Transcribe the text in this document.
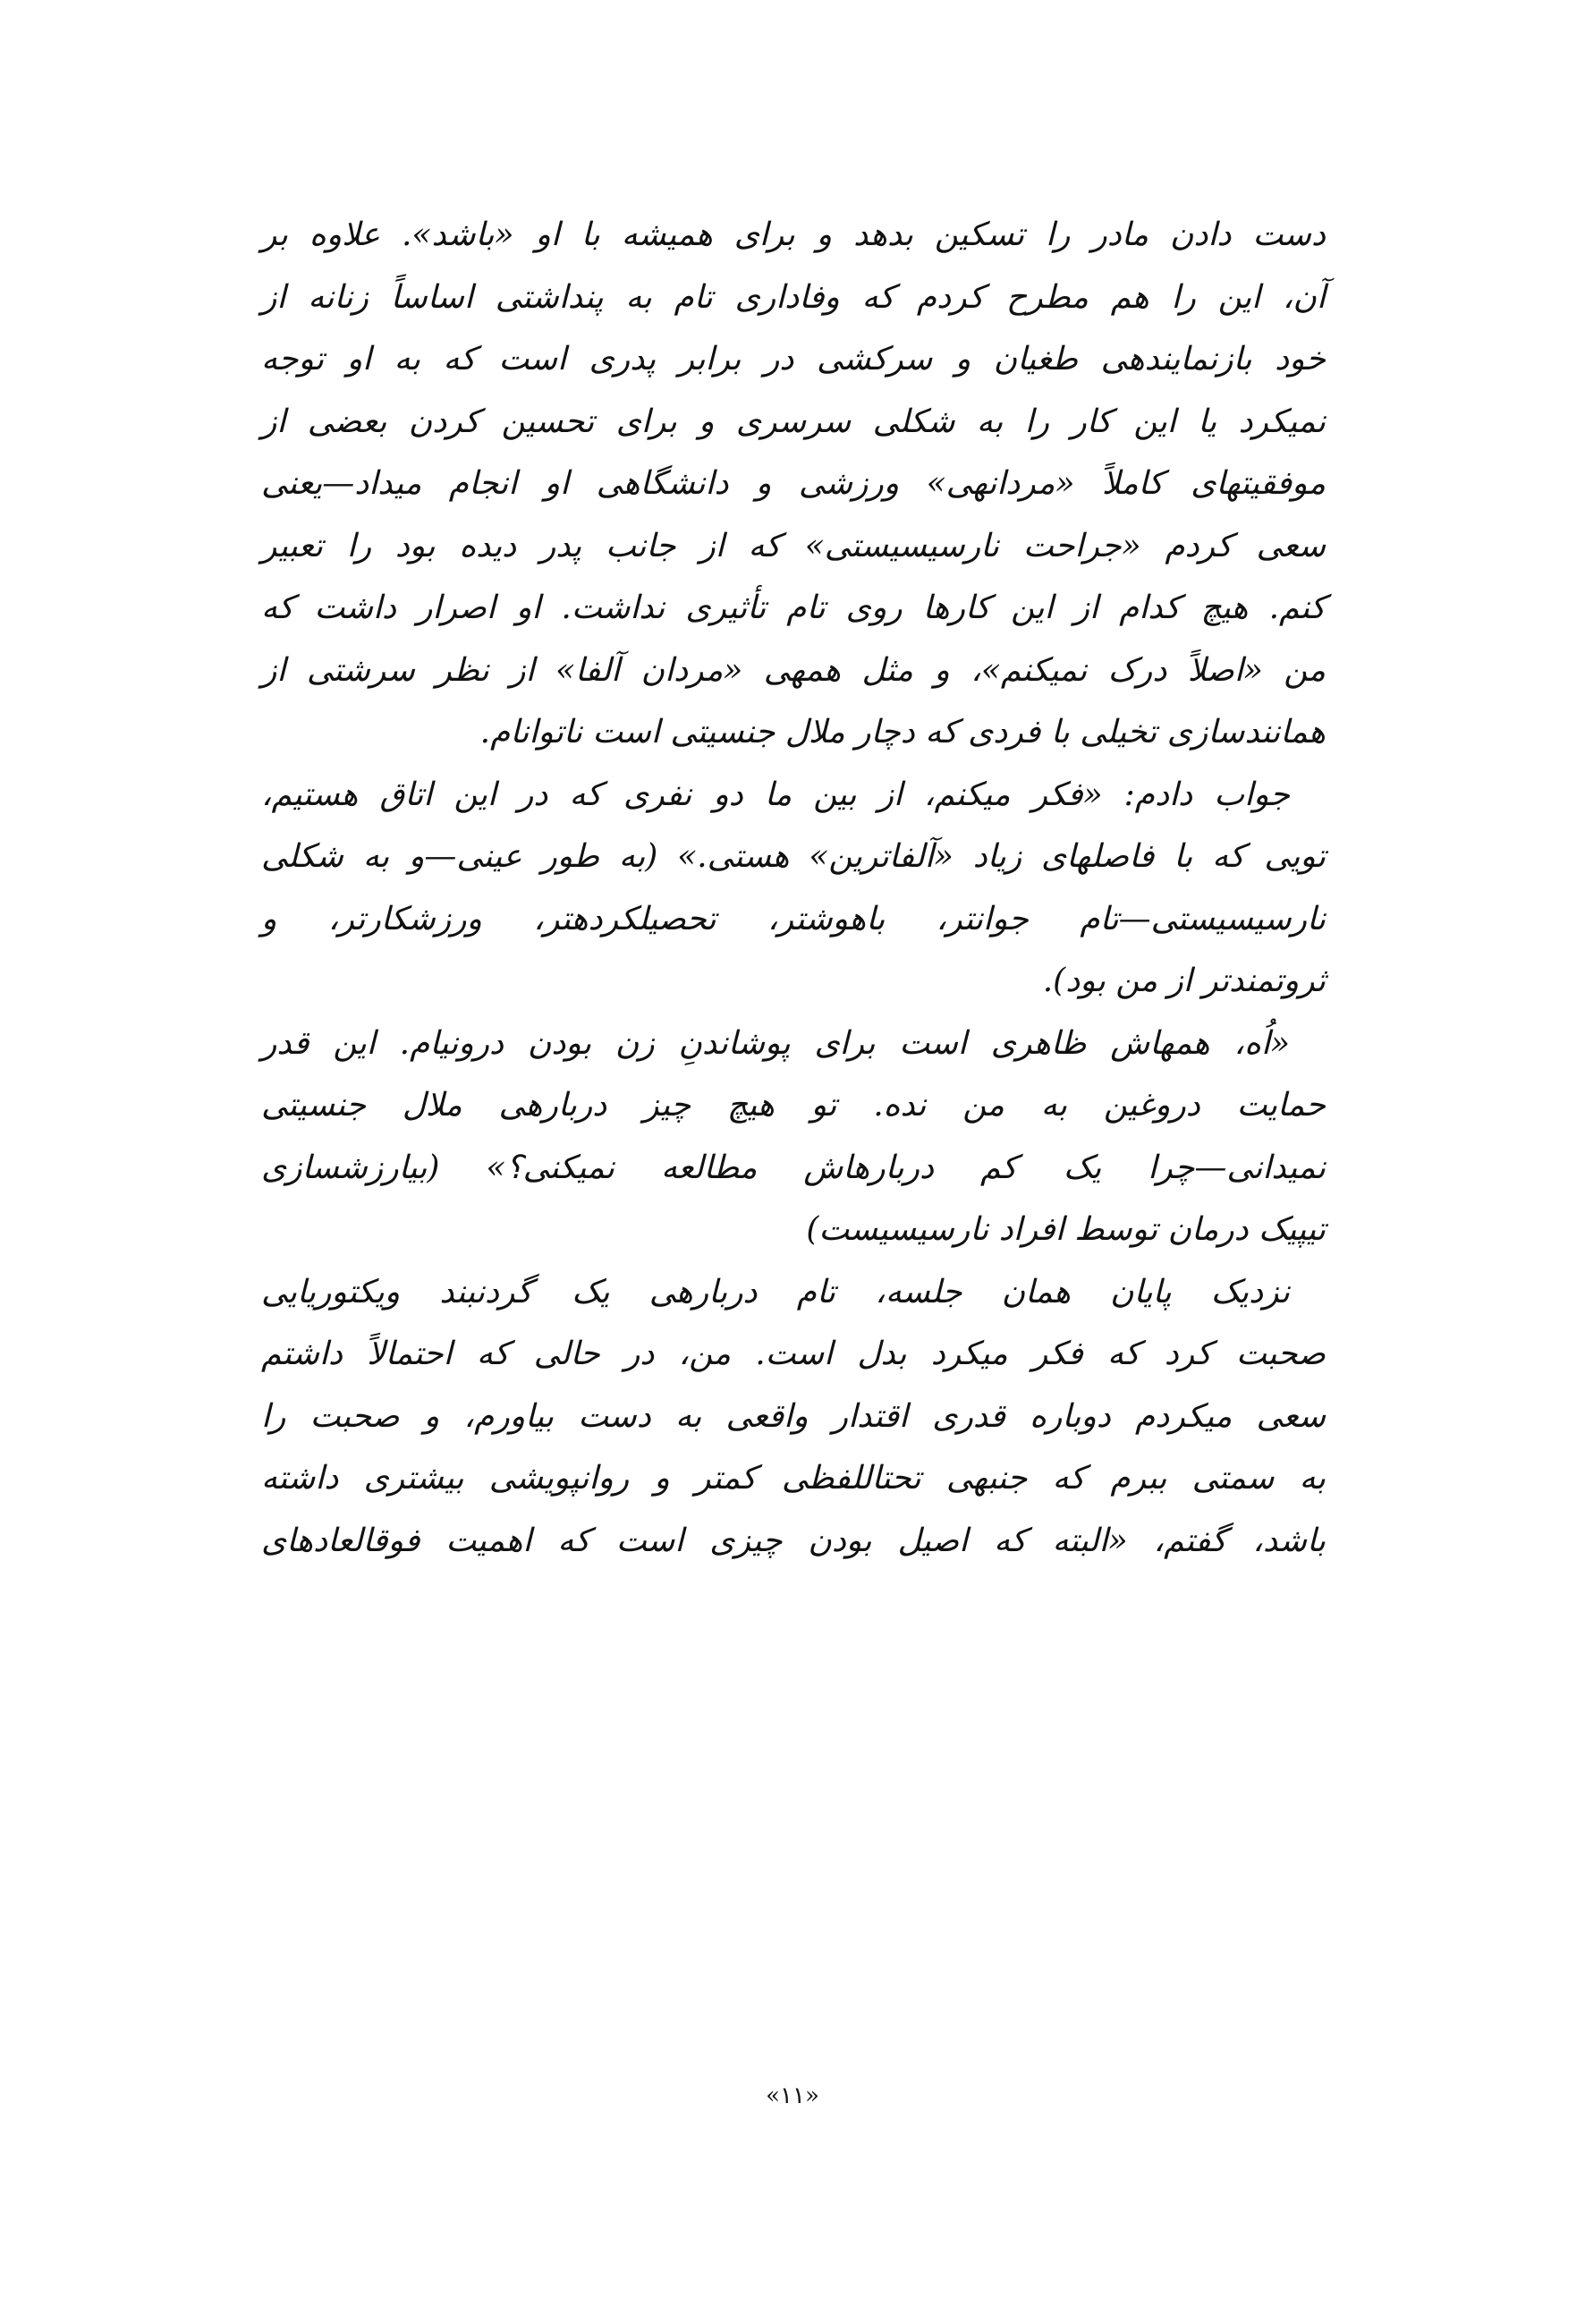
دست دادن مادر را تسکین بدهد و برای همیشه با او «باشد». علاوه بر
آن، این را هم مطرح کردم که وفاداری تام به پنداشتی اساساً زنانه از
خود بازنمایندهی طغیان و سرکشی در برابر پدری است که به او توجه
نمیکرد یا این کار را به شکلی سرسری و برای تحسین کردن بعضی از
موفقیتهای کاملاً «مردانهی» ورزشی و دانشگاهی او انجام میداد—یعنی
سعی کردم «جراحت نارسیسیستی» که از جانب پدر دیده بود را تعبیر
کنم. هیچ کدام از این کارها روی تام تأثیری نداشت. او اصرار داشت که
من «اصلاً درک نمیکنم»، و مثل همهی «مردان آلفا» از نظر سرشتی از
همانندسازی تخیلی با فردی که دچار ملال جنسیتی است ناتوانام.

جواب دادم: «فکر میکنم، از بین ما دو نفری که در این اتاق هستیم،

تویی که با فاصلهای زیاد «آلفاترین» هستی.» (به طور عینی—و به شکلی
نارسیسیستی—تام جوانتر، باهوشتر، تحصیلکردهتر، ورزشکارتر، و
ثروتمندتر از من بود).

«اُه، همهاش ظاهری است برای پوشاندنِ زن بودن درونیام. این قدر

حمایت دروغین به من نده. تو هیچ چیز دربارهی ملال جنسیتی
نمیدانی—چرا یک کم دربارهاش مطالعه نمیکنی؟» (بیارزشسازی
تیپیک درمان توسط افراد نارسیسیست)

نزدیک پایان همان جلسه، تام دربارهی یک گردنبند ویکتوریایی

صحبت کرد که فکر میکرد بدل است. من، در حالی که احتمالاً داشتم
سعی میکردم دوباره قدری اقتدار واقعی به دست بیاورم، و صحبت را
به سمتی ببرم که جنبهی تحتاللفظی کمتر و روانپویشی بیشتری داشته
باشد، گفتم، «البته که اصیل بودن چیزی است که اهمیت فوقالعادهای

«۱۱»
